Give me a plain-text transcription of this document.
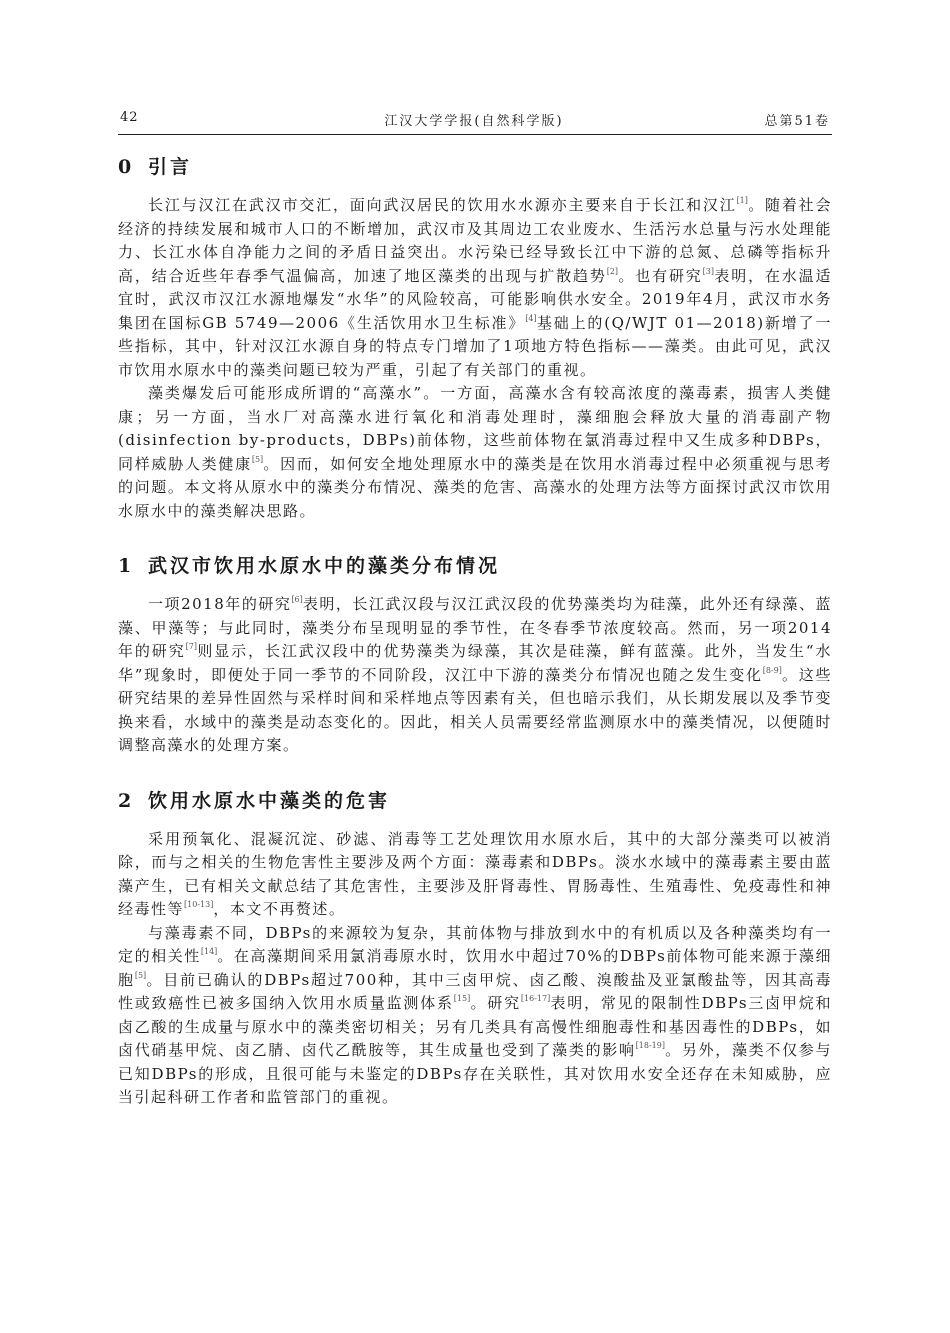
42	江汉大学学报(自然科学版)	总第51卷
0 引言

长江与汉江在武汉市交汇，面向武汉居民的饮用水水源亦主要来自于长江和汉江[1]。随着社会经济的持续发展和城市人口的不断增加，武汉市及其周边工农业废水、生活污水总量与污水处理能力、长江水体自净能力之间的矛盾日益突出。水污染已经导致长江中下游的总氮、总磷等指标升高，结合近些年春季气温偏高，加速了地区藻类的出现与扩散趋势[2]。也有研究[3]表明，在水温适宜时，武汉市汉江水源地爆发“水华”的风险较高，可能影响供水安全。2019年4月，武汉市水务集团在国标GB 5749—2006《生活饮用水卫生标准》[4]基础上的(Q/WJT 01—2018)新增了一些指标，其中，针对汉江水源自身的特点专门增加了1项地方特色指标——藻类。由此可见，武汉市饮用水原水中的藻类问题已较为严重，引起了有关部门的重视。

藻类爆发后可能形成所谓的“高藻水”。一方面，高藻水含有较高浓度的藻毒素，损害人类健康；另一方面，当水厂对高藻水进行氧化和消毒处理时，藻细胞会释放大量的消毒副产物(disinfection by-products，DBPs)前体物，这些前体物在氯消毒过程中又生成多种DBPs，同样威胁人类健康[5]。因而，如何安全地处理原水中的藻类是在饮用水消毒过程中必须重视与思考的问题。本文将从原水中的藻类分布情况、藻类的危害、高藻水的处理方法等方面探讨武汉市饮用水原水中的藻类解决思路。

1 武汉市饮用水原水中的藻类分布情况

一项2018年的研究[6]表明，长江武汉段与汉江武汉段的优势藻类均为硅藻，此外还有绿藻、蓝藻、甲藻等；与此同时，藻类分布呈现明显的季节性，在冬春季节浓度较高。然而，另一项2014年的研究[7]则显示，长江武汉段中的优势藻类为绿藻，其次是硅藻，鲜有蓝藻。此外，当发生“水华”现象时，即便处于同一季节的不同阶段，汉江中下游的藻类分布情况也随之发生变化[8-9]。这些研究结果的差异性固然与采样时间和采样地点等因素有关，但也暗示我们，从长期发展以及季节变换来看，水域中的藻类是动态变化的。因此，相关人员需要经常监测原水中的藻类情况，以便随时调整高藻水的处理方案。

2 饮用水原水中藻类的危害

采用预氧化、混凝沉淀、砂滤、消毒等工艺处理饮用水原水后，其中的大部分藻类可以被消除，而与之相关的生物危害性主要涉及两个方面：藻毒素和DBPs。淡水水域中的藻毒素主要由蓝藻产生，已有相关文献总结了其危害性，主要涉及肝肾毒性、胃肠毒性、生殖毒性、免疫毒性和神经毒性等[10-13]，本文不再赘述。

与藻毒素不同，DBPs的来源较为复杂，其前体物与排放到水中的有机质以及各种藻类均有一定的相关性[14]。在高藻期间采用氯消毒原水时，饮用水中超过70%的DBPs前体物可能来源于藻细胞[5]。目前已确认的DBPs超过700种，其中三卤甲烷、卤乙酸、溴酸盐及亚氯酸盐等，因其高毒性或致癌性已被多国纳入饮用水质量监测体系[15]。研究[16-17]表明，常见的限制性DBPs三卤甲烷和卤乙酸的生成量与原水中的藻类密切相关；另有几类具有高慢性细胞毒性和基因毒性的DBPs，如卤代硝基甲烷、卤乙腈、卤代乙酰胺等，其生成量也受到了藻类的影响[18-19]。另外，藻类不仅参与已知DBPs的形成，且很可能与未鉴定的DBPs存在关联性，其对饮用水安全还存在未知威胁，应当引起科研工作者和监管部门的重视。
